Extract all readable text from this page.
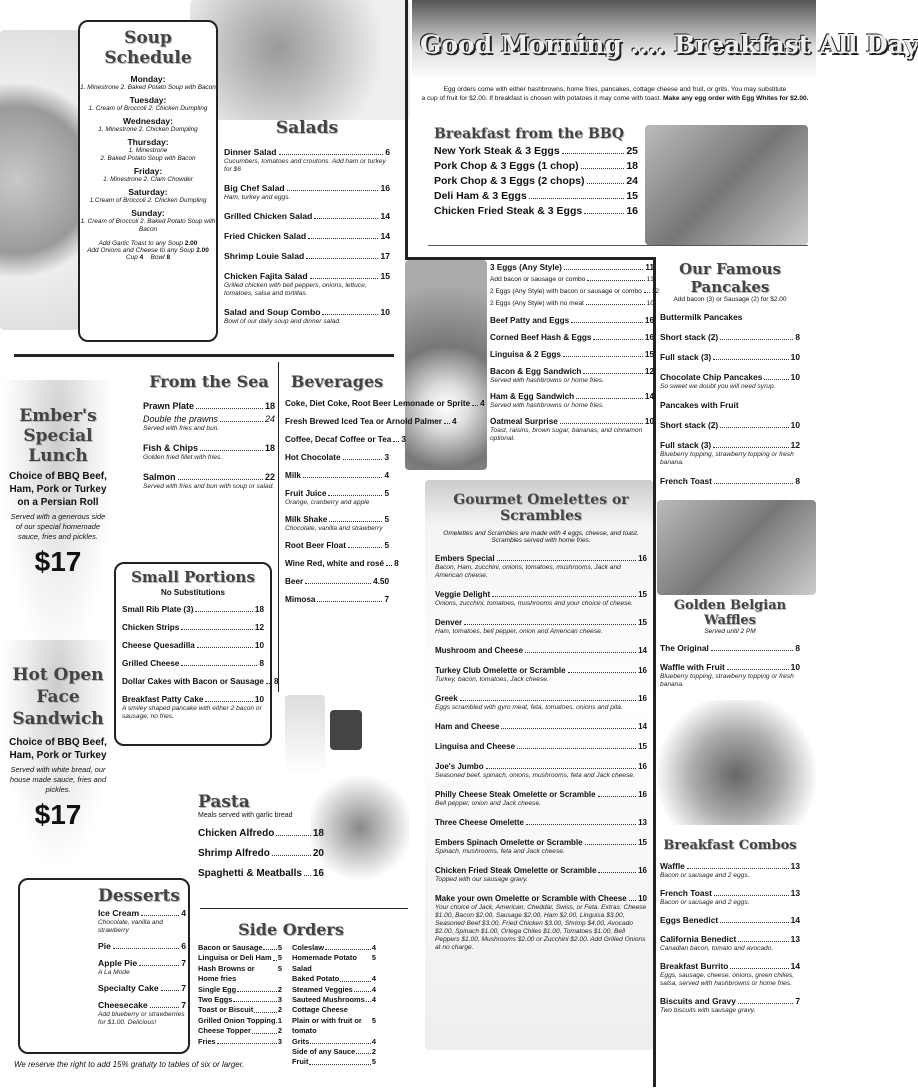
Soup Schedule
Monday:
1. Minestrone 2. Baked Potato Soup with Bacon
Tuesday:
1. Cream of Broccoli 2. Chicken Dumpling
Wednesday:
1. Minestrone 2. Chicken Dumpling
Thursday:
1. Minestrone
2. Baked Potato Soup with Bacon
Friday:
1. Minestrone 2. Clam Chowder
Saturday:
1.Cream of Broccoli 2. Chicken Dumpling
Sunday:
1. Cream of Broccoli 2. Baked Potato Soup with Bacon
Add Garlic Toast to any Soup 2.00
Add Onions and Cheese to any Soup 2.00
Cup 4 Bowl 8
Salads
Dinner Salad	6
Cucumbers, tomatoes and croutons. Add ham or turkey for $6
Big Chef Salad	16
Ham, turkey and eggs.
Grilled Chicken Salad	14
Fried Chicken Salad	14
Shrimp Louie Salad	17
Chicken Fajita Salad	15
Grilled chicken with bell peppers, onions, lettuce, tomatoes, salsa and tortillas.
Salad and Soup Combo	10
Bowl of our daily soup and dinner salad.
Good Morning .... Breakfast All Day
Egg orders come with either hashbrowns, home fries, pancakes, cottage cheese and fruit, or grits. You may substitute
a cup of fruit for $2.00. If breakfast is chosen with potatoes it may come with toast. Make any egg order with Egg Whites for $2.00.
Breakfast from the BBQ
New York Steak & 3 Eggs	25
Pork Chop & 3 Eggs (1 chop)	18
Pork Chop & 3 Eggs (2 chops)	24
Deli Ham & 3 Eggs	15
Chicken Fried Steak & 3 Eggs	16
3 Eggs (Any Style)	11
Add bacon or sausage or combo	13
2 Eggs (Any Style) with bacon or sausage or combo 12
2 Eggs (Any Style) with no meat	10
Beef Patty and Eggs	16
Corned Beef Hash & Eggs	16
Linguisa & 2 Eggs	15
Bacon & Egg Sandwich	12
Served with hashbrowns or home fries.
Ham & Egg Sandwich	14
Served with hashbrowns or home fries.
Oatmeal Surprise	10
Toast, raisins, brown sugar, bananas, and cinnamon optional.
Our Famous Pancakes
Add bacon (3) or Sausage (2) for $2.00
Buttermilk Pancakes
Short stack (2)	8
Full stack (3)	10
Chocolate Chip Pancakes	10
So sweet we doubt you will need syrup.
Pancakes with Fruit
Short stack (2)	10
Full stack (3)	12
Blueberry topping, strawberry topping or fresh banana.
French Toast	8
Golden Belgian Waffles
Served until 2 PM
The Original	8
Waffle with Fruit	10
Blueberry topping, strawberry topping or fresh banana.
Breakfast Combos
Waffle	13
Bacon or sausage and 2 eggs.
French Toast	13
Bacon or sausage and 2 eggs.
Eggs Benedict	14
California Benedict	13
Canadian bacon, tomato and avocado.
Breakfast Burrito	14
Eggs, sausage, cheese, onions, green chilies, salsa, served with hashbrowns or home fries.
Biscuits and Gravy	7
Two biscuits with sausage gravy.
Gourmet Omelettes or Scrambles
Omelettes and Scrambles are made with 4 eggs, cheese, and toast.
Scrambles served with home fries.
Embers Special	16
Bacon, Ham, zucchini, onions, tomatoes, mushrooms, Jack and American cheese.
Veggie Delight	15
Onions, zucchini, tomatoes, mushrooms and your choice of cheese.
Denver	15
Ham, tomatoes, bell pepper, onion and American cheese.
Mushroom and Cheese	14
Turkey Club Omelette or Scramble	16
Turkey, bacon, tomatoes, Jack cheese.
Greek	16
Eggs scrambled with gyro meat, feta, tomatoes, onions and pita.
Ham and Cheese	14
Linguisa and Cheese	15
Joe's Jumbo	16
Seasoned beef, spinach, onions, mushrooms, feta and Jack cheese.
Philly Cheese Steak Omelette or Scramble	16
Bell pepper, onion and Jack cheese.
Three Cheese Omelette	13
Embers Spinach Omelette or Scramble	15
Spinach, mushrooms, feta and Jack cheese.
Chicken Fried Steak Omelette or Scramble	16
Topped with our sausage gravy.
Make your own Omelette or Scramble with Cheese 10
Your choice of Jack, American, Cheddar, Swiss, or Feta. Extras: Cheese $1.00, Bacon $2.00, Sausage $2.00, Ham $2.00, Linguisa $3.00, Seasoned Beef $3.00, Fried Chicken $3.00, Shrimp $4.00, Avocado $2.00, Spinach $1.00, Ortega Chiles $1.00, Tomatoes $1.00, Bell Peppers $1.00, Mushrooms $2.00 or Zucchini $2.00. Add Grilled Onions at no charge.
From the Sea
Prawn Plate	18
Double the prawns	24
Served with fries and bun.
Fish & Chips	18
Golden fried fillet with fries.
Salmon	22
Served with fries and bun with soup or salad.
Beverages
Coke, Diet Coke, Root Beer Lemonade or Sprite 4
Fresh Brewed Iced Tea or Arnold Palmer 4
Coffee, Decaf Coffee or Tea 3
Hot Chocolate	3
Milk	4
Fruit Juice	5
Orange, cranberry and apple
Milk Shake	5
Chocolate, vanilla and strawberry
Root Beer Float	5
Wine Red, white and rosé 8
Beer	4.50
Mimosa	7
Small Portions
No Substitutions
Small Rib Plate (3)	18
Chicken Strips	12
Cheese Quesadilla	10
Grilled Cheese	8
Dollar Cakes with Bacon or Sausage 8
Breakfast Patty Cake	10
A smiley shaped pancake with either 2 bacon or sausage, no fries.
Ember's
Special Lunch
Choice of BBQ Beef, Ham, Pork or Turkey on a Persian Roll
Served with a generous side of our special homemade sauce, fries and pickles.
$17
Hot Open
Face
Sandwich
Choice of BBQ Beef, Ham, Pork or Turkey
Served with white bread, our house made sauce, fries and pickles.
$17	Pasta
Meals served with garlic bread
Chicken Alfredo	18
Shrimp Alfredo	20
Spaghetti & Meatballs 16
Desserts
Ice Cream	4
Chocolate, vanilla and strawberry
Pie	6
Apple Pie	7
A La Mode
Specialty Cake	7
Cheesecake	7
Add blueberry or strawberries for $1.00. Delicious!
Side Orders
Bacon or Sausage 5
Linguisa or Deli Ham 5
Hash Browns or Home fries
5
Single Egg	2
Two Eggs	3
Toast or Biscuit	2
Grilled Onion Topping 1
Cheese Topper	2
Fries	3
Coleslaw	4
Homemade Potato Salad
5
Baked Potato	4
Steamed Veggies	4
Sauteed Mushrooms 4
Cottage Cheese
Plain or with fruit or tomato
5
Grits	4
Side of any Sauce 2
Fruit	5
We reserve the right to add 15% gratuity to tables of six or larger.
